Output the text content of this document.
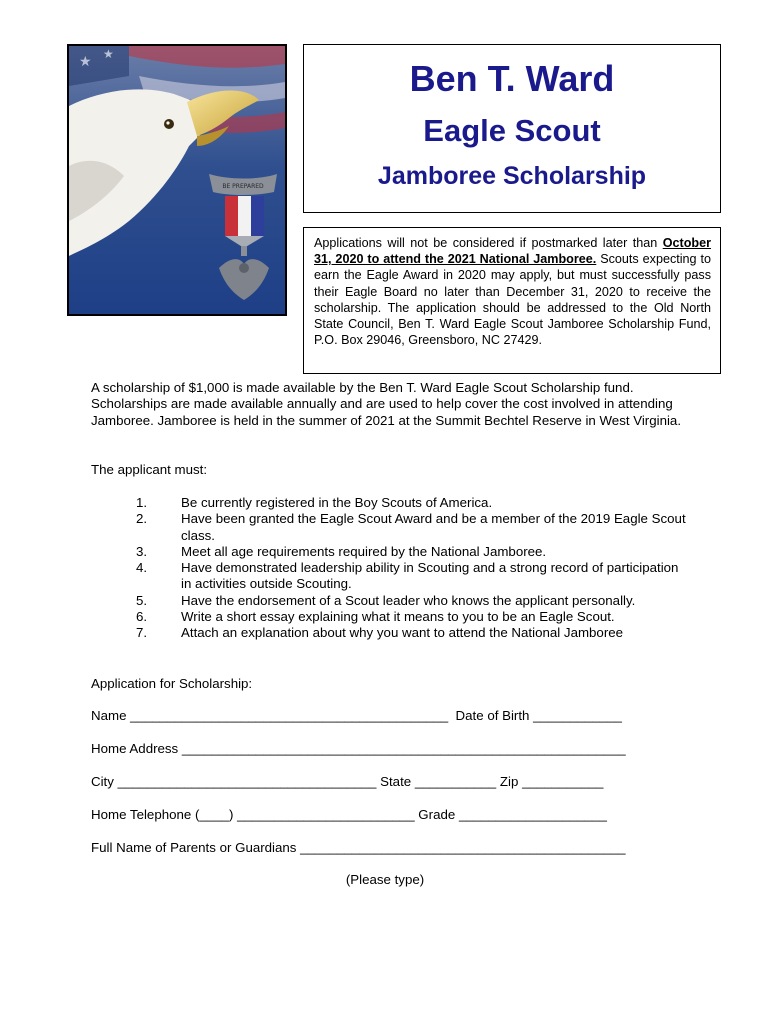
★ ★
BE PREPARED
Ben T. Ward
Eagle Scout
Jamboree Scholarship
Applications will not be considered if postmarked later than October 31, 2020 to attend the 2021 National Jamboree. Scouts expecting to earn the Eagle Award in 2020 may apply, but must successfully pass their Eagle Board no later than December 31, 2020 to receive the scholarship. The application should be addressed to the Old North State Council, Ben T. Ward Eagle Scout Jamboree Scholarship Fund, P.O. Box 29046, Greensboro, NC 27429.
A scholarship of $1,000 is made available by the Ben T. Ward Eagle Scout Scholarship fund. Scholarships are made available annually and are used to help cover the cost involved in attending Jamboree. Jamboree is held in the summer of 2021 at the Summit Bechtel Reserve in West Virginia.
The applicant must:
1.	Be currently registered in the Boy Scouts of America.
2.	Have been granted the Eagle Scout Award and be a member of the 2019 Eagle Scout class.
3.	Meet all age requirements required by the National Jamboree.
4.	Have demonstrated leadership ability in Scouting and a strong record of participation in activities outside Scouting.
5.	Have the endorsement of a Scout leader who knows the applicant personally.
6.	Write a short essay explaining what it means to you to be an Eagle Scout.
7.	Attach an explanation about why you want to attend the National Jamboree
Application for Scholarship:
Name ___________________________________________  Date of Birth ____________
Home Address ____________________________________________________________
City ___________________________________ State ___________ Zip ___________
Home Telephone (____) ________________________ Grade ____________________
Full Name of Parents or Guardians ____________________________________________
(Please type)
